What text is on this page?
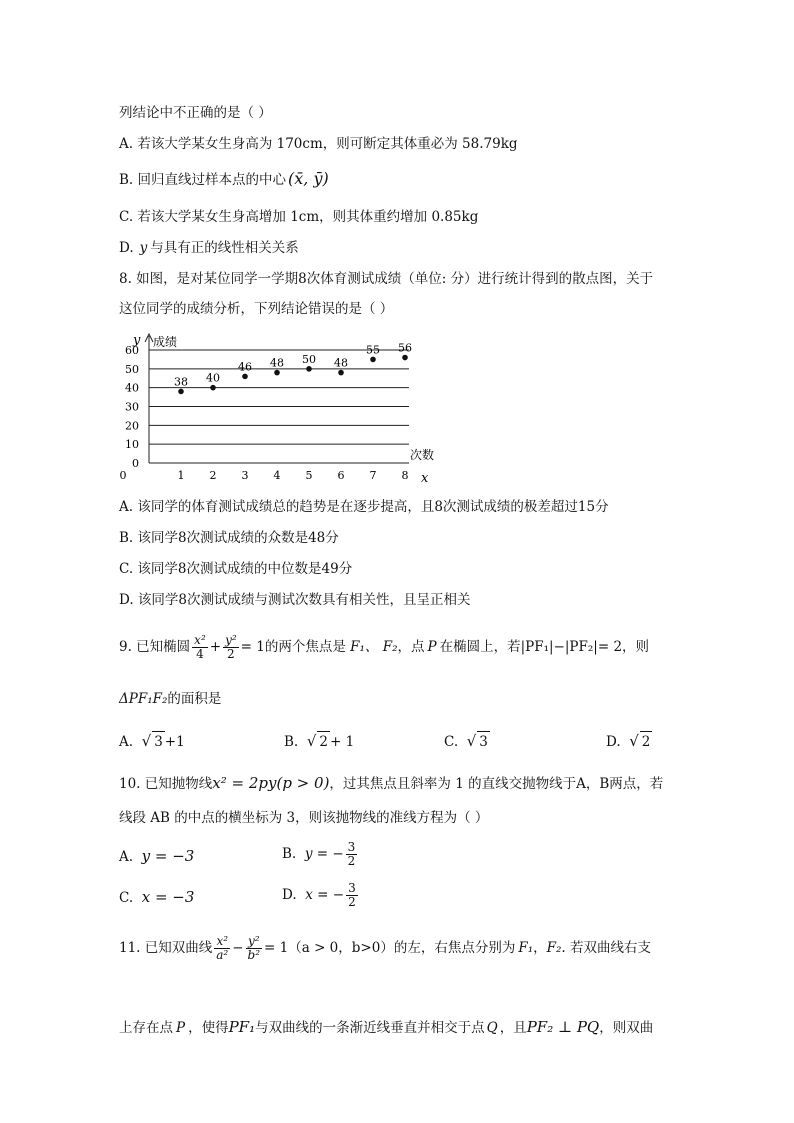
列结论中不正确的是（ ）
A. 若该大学某女生身高为 170cm，则可断定其体重必为 58.79kg
B. 回归直线过样本点的中心 (x̄, ȳ)
C. 若该大学某女生身高增加 1cm，则其体重约增加 0.85kg
D. y 与具有正的线性相关关系
8. 如图，是对某位同学一学期8次体育测试成绩（单位: 分）进行统计得到的散点图，关于
这位同学的成绩分析，下列结论错误的是（ ）
0
10
20
30
40
50
60
0	1 2 3 4 5 6 7 8
38 40
46 48 50 48
55 56
y 成绩
次数
x
A. 该同学的体育测试成绩总的趋势是在逐步提高，且8次测试成绩的极差超过15分
B. 该同学8次测试成绩的众数是48分
C. 该同学8次测试成绩的中位数是49分
D. 该同学8次测试成绩与测试次数具有相关性，且呈正相关
9. 已知椭圆 $\frac{\text{x²}}{4} + \frac{\text{y²}}{2} = 1$的两个焦点是 F₁、 F₂，点 P 在椭圆上，若|PF₁|−|PF₂|= 2，则
ΔPF₁F₂的面积是
A. √ 3 +1	B. √ 2 + 1	C. √ 3	D. √ 2
10. 已知抛物线x² = 2py(p > 0)，过其焦点且斜率为 1 的直线交抛物线于A，B两点，若
线段 AB 的中点的横坐标为 3，则该抛物线的准线方程为（ ）
A. y = −3	B. y = − $\frac{3}{2}$
C. x = −3	D. x = − $\frac{3}{2}$
11. 已知双曲线 $\frac{\text{x²}}{\text{a²}} - \frac{\text{y²}}{\text{b²}} = 1(a > 0$，b>0）的左，右焦点分别为 F₁，F₂. 若双曲线右支
上存在点 P ，使得PF₁与双曲线的一条渐近线垂直并相交于点 Q ，且PF₂ ⊥ PQ，则双曲
